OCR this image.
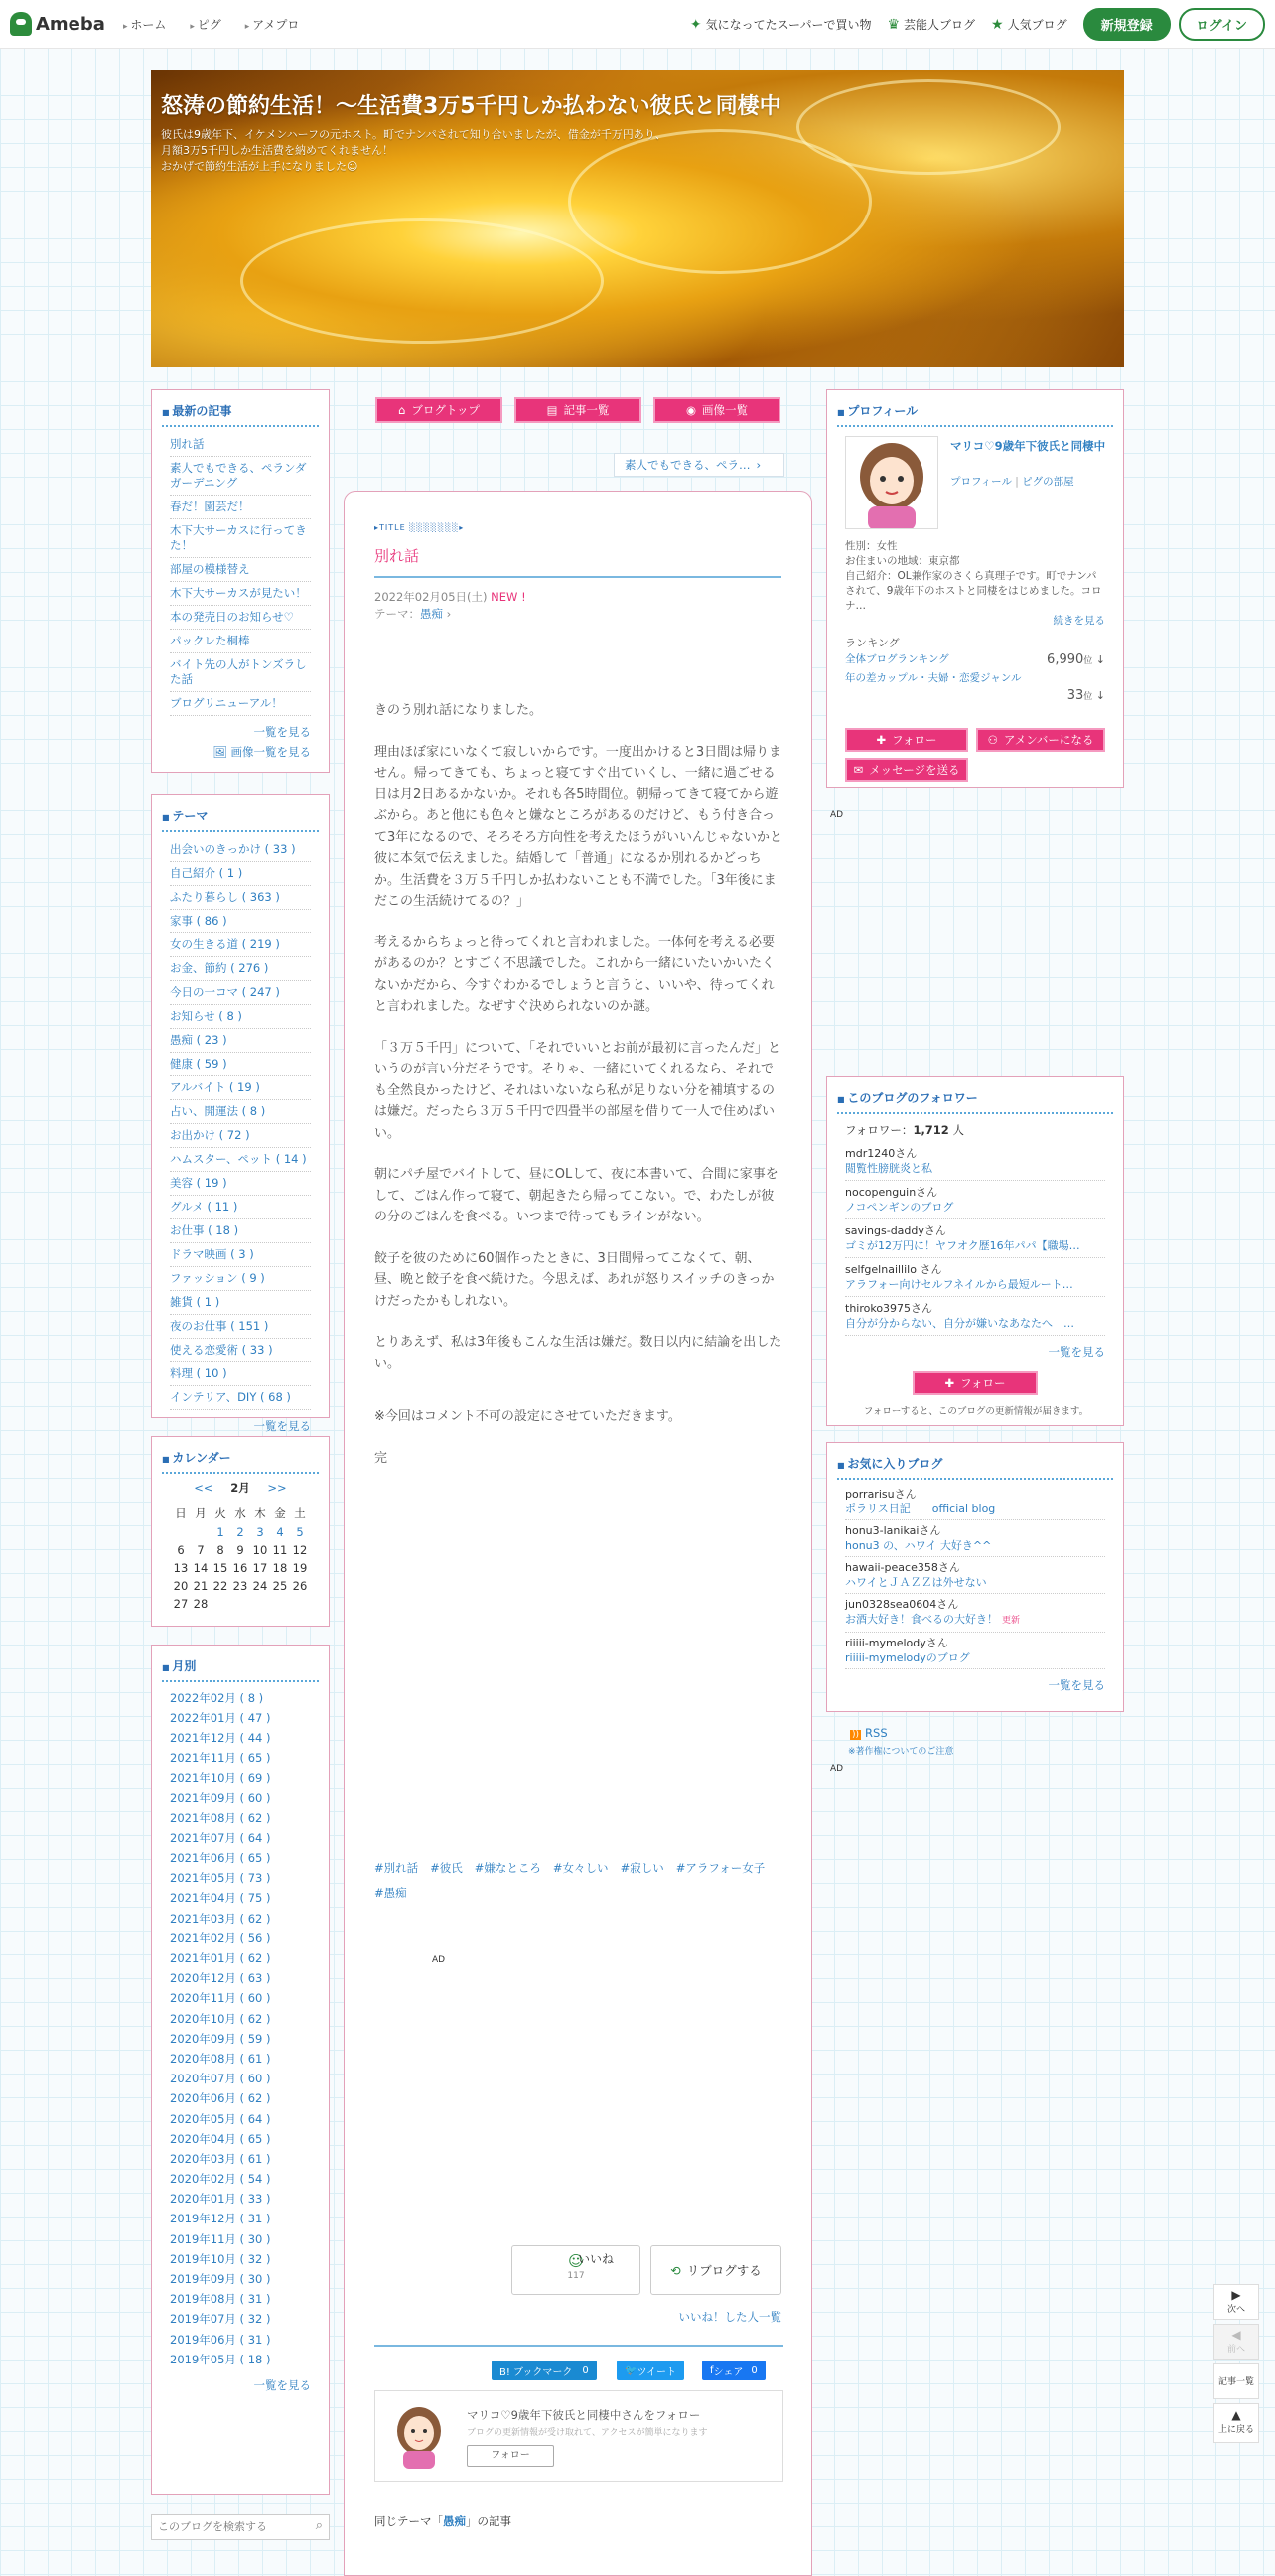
Ameba	▸ ホーム	▸ ピグ	▸ アメプロ	✦ 気になってたスーパーで買い物 ♛ 芸能人ブログ ★ 人気ブログ	新規登録	ログイン
怒涛の節約生活！〜生活費3万5千円しか払わない彼氏と同棲中
彼氏は9歳年下、イケメンハーフの元ホスト。町でナンパされて知り合いましたが、借金が千万円あり、
月額3万5千円しか生活費を納めてくれません！
おかげで節約生活が上手になりました☺
■ 最新の記事
別れ話
素人でもできる、ペランダガーデニング
春だ！園芸だ！
木下大サーカスに行ってきた！
部屋の模様替え
木下大サーカスが見たい！
本の発売日のお知らせ♡
パックレた桐棒
バイト先の人がトンズラした話
ブログリニューアル！
一覧を見る
🖼 画像一覧を見る
■ テーマ
出会いのきっかけ ( 33 )
自己紹介 ( 1 )
ふたり暮らし ( 363 )
家事 ( 86 )
女の生きる道 ( 219 )
お金、節約 ( 276 )
今日の一コマ ( 247 )
お知らせ ( 8 )
愚痴 ( 23 )
健康 ( 59 )
アルバイト ( 19 )
占い、開運法 ( 8 )
お出かけ ( 72 )
ハムスター、ペット ( 14 )
美容 ( 19 )
グルメ ( 11 )
お仕事 ( 18 )
ドラマ映画 ( 3 )
ファッション ( 9 )
雑貨 ( 1 )
夜のお仕事 ( 151 )
使える恋愛術 ( 33 )
料理 ( 10 )
インテリア、DIY ( 68 )
一覧を見る
■ カレンダー
<< 2月 >>
日	月	火	水	木	金	土
		1	2	3	4	5
6	7	8	9	10	11	12
13	14	15	16	17	18	19
20	21	22	23	24	25	26
27	28					
■ 月別
2022年02月 ( 8 )
2022年01月 ( 47 )
2021年12月 ( 44 )
2021年11月 ( 65 )
2021年10月 ( 69 )
2021年09月 ( 60 )
2021年08月 ( 62 )
2021年07月 ( 64 )
2021年06月 ( 65 )
2021年05月 ( 73 )
2021年04月 ( 75 )
2021年03月 ( 62 )
2021年02月 ( 56 )
2021年01月 ( 62 )
2020年12月 ( 63 )
2020年11月 ( 60 )
2020年10月 ( 62 )
2020年09月 ( 59 )
2020年08月 ( 61 )
2020年07月 ( 60 )
2020年06月 ( 62 )
2020年05月 ( 64 )
2020年04月 ( 65 )
2020年03月 ( 61 )
2020年02月 ( 54 )
2020年01月 ( 33 )
2019年12月 ( 31 )
2019年11月 ( 30 )
2019年10月 ( 32 )
2019年09月 ( 30 )
2019年08月 ( 31 )
2019年07月 ( 32 )
2019年06月 ( 31 )
2019年05月 ( 18 )
一覧を見る
このブログを検索する
⌕
⌂ ブログトップ	▤ 記事一覧	◉ 画像一覧
素人でもできる、ペラ… ›
▸TITLE ░░░░░░░▸
別れ話
2022年02月05日(土) NEW !
テーマ：愚痴 ›

きのう別れ話になりました。

理由ほぼ家にいなくて寂しいからです。一度出かけると3日間は帰りません。帰ってきても、ちょっと寝てすぐ出ていくし、一緒に過ごせる日は月2日あるかないか。それも各5時間位。朝帰ってきて寝てから遊ぶから。あと他にも色々と嫌なところがあるのだけど、もう付き合って3年になるので、そろそろ方向性を考えたほうがいいんじゃないかと彼に本気で伝えました。結婚して「普通」になるか別れるかどっちか。生活費を３万５千円しか払わないことも不満でした。「3年後にまだこの生活続けてるの？」

考えるからちょっと待ってくれと言われました。一体何を考える必要があるのか？とすごく不思議でした。これから一緒にいたいかいたくないかだから、今すぐわかるでしょうと言うと、いいや、待ってくれと言われました。なぜすぐ決められないのか謎。

「３万５千円」について、「それでいいとお前が最初に言ったんだ」というのが言い分だそうです。そりゃ、一緒にいてくれるなら、それでも全然良かったけど、それはいないなら私が足りない分を補填するのは嫌だ。だったら３万５千円で四畳半の部屋を借りて一人で住めばいい。

朝にパチ屋でバイトして、昼にOLして、夜に本書いて、合間に家事をして、ごはん作って寝て、朝起きたら帰ってこない。で、わたしが彼の分のごはんを食べる。いつまで待ってもラインがない。

餃子を彼のために60個作ったときに、3日間帰ってこなくて、朝、昼、晩と餃子を食べ続けた。今思えば、あれが怒りスイッチのきっかけだったかもしれない。

とりあえず、私は3年後もこんな生活は嫌だ。数日以内に結論を出したい。

※今回はコメント不可の設定にさせていただきます。

完

#別れ話 #彼氏 #嫌なところ #女々しい #寂しい #アラフォー女子#愚痴
AD
☺
いいね
117	⟲ リブログする
いいね！した人一覧
B! ブックマーク 0	🐦 ツイート	f シェア 0
マリコ♡9歳年下彼氏と同棲中さんをフォロー
ブログの更新情報が受け取れて、アクセスが簡単になります
フォロー
同じテーマ「愚痴」の記事
■ プロフィール
マリコ♡9歳年下彼氏と同棲中
プロフィール | ピグの部屋
性別：女性
お住まいの地域：東京都
自己紹介：OL兼作家のさくら真理子です。町でナンパされて、9歳年下のホストと同棲をはじめました。コロナ…
続きを見る
ランキング
全体ブログランキング	6,990位 ↓
年の差カップル・夫婦・恋愛ジャンル
33位 ↓
✚ フォロー	⚇ アメンバーになる
✉ メッセージを送る
AD
■ このブログのフォロワー
フォロワー：1,712 人
mdr1240さん
閲覧性膀胱炎と私
nocopenguinさん
ノコペンギンのブログ
savings-daddyさん
ゴミが12万円に！ヤフオク歴16年パパ【職場…
selfgelnaillilo さん
アラフォー向けセルフネイルから最短ルート…
thiroko3975さん
自分が分からない、自分が嫌いなあなたへ　…
一覧を見る
✚ フォロー
フォローすると、このブログの更新情報が届きます。
■ お気に入りブログ
porrarisuさん
ポラリス日記　　official blog
honu3-lanikaiさん
honu3 の、ハワイ 大好き^^
hawaii-peace358さん
ハワイとＪＡＺＺは外せない
jun0328sea0604さん
お酒大好き！食べるの大好き！ 更新
riiiii-mymelodyさん
riiiii-mymelodyのブログ
一覧を見る
)) RSS
※著作権についてのご注意
AD
▶
次へ
◀
前へ
記事一覧
▲
上に戻る
